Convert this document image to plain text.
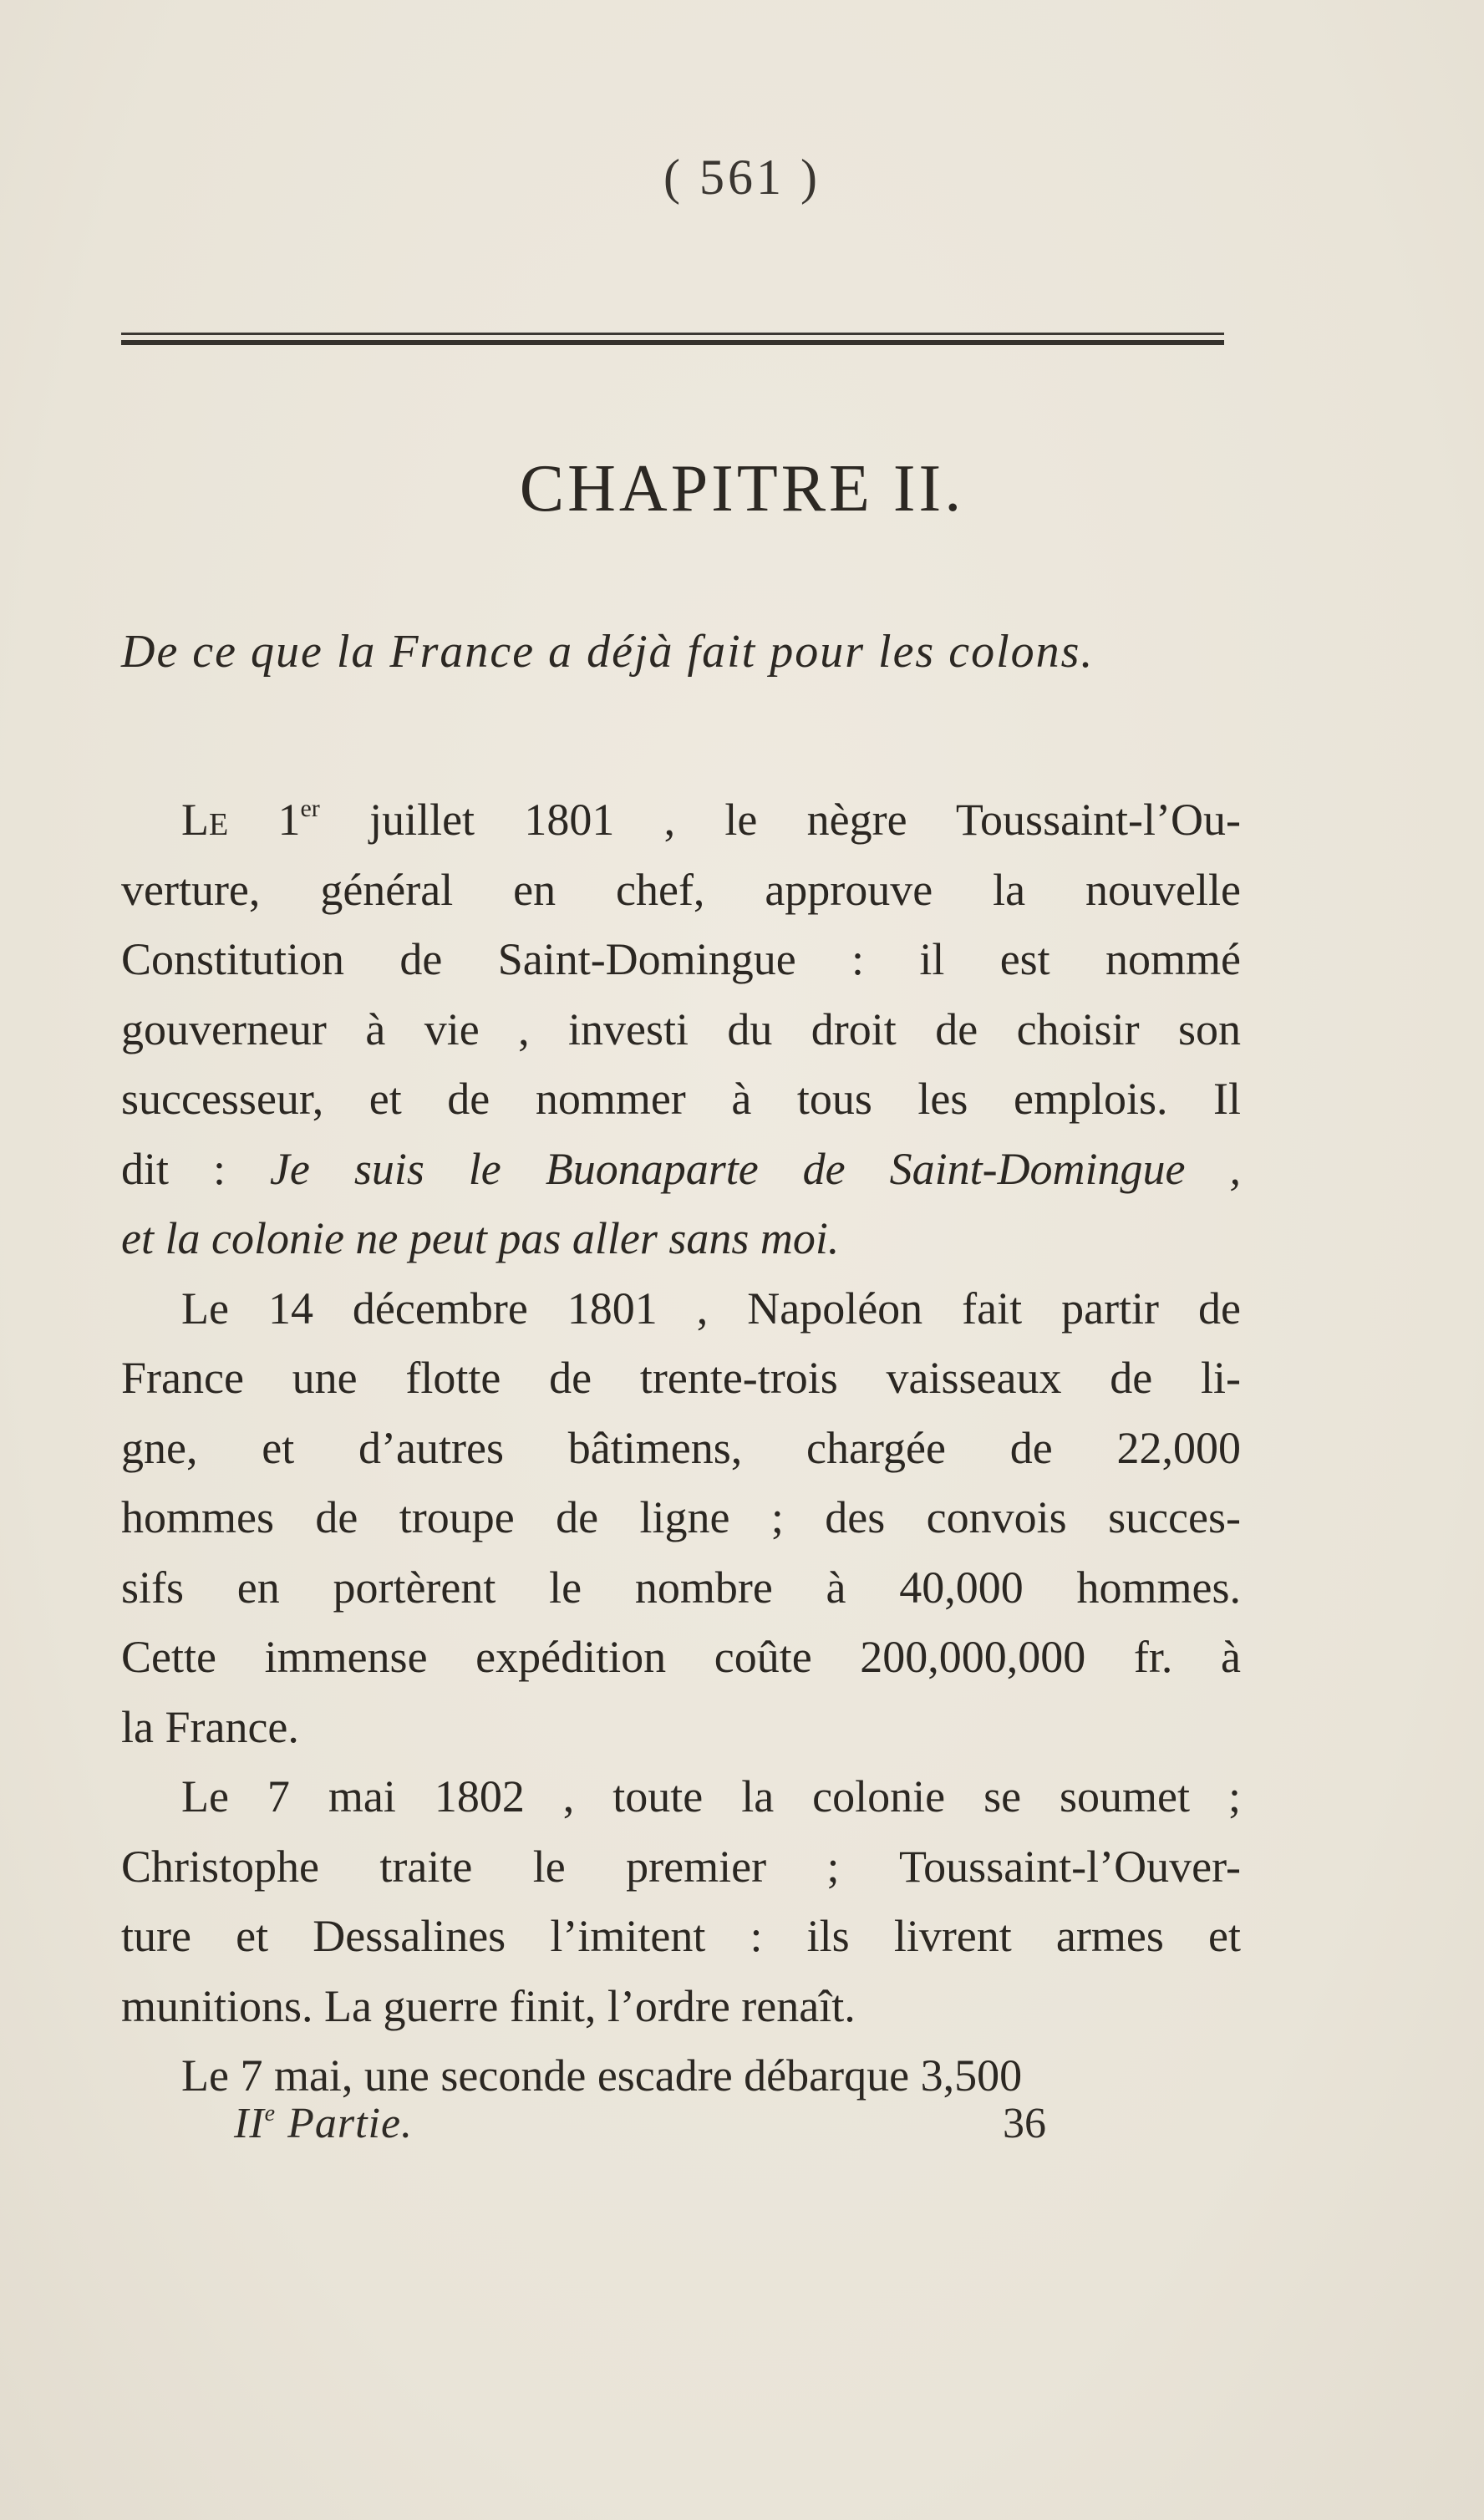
( 561 )
CHAPITRE II.
De ce que la France a déjà fait pour les colons.
Le 1er juillet 1801 , le nègre Toussaint-l’Ou-
verture, général en chef, approuve la nouvelle
Constitution de Saint-Domingue : il est nommé
gouverneur à vie , investi du droit de choisir son
successeur, et de nommer à tous les emplois. Il
dit : Je suis le Buonaparte de Saint-Domingue ,
et la colonie ne peut pas aller sans moi.
Le 14 décembre 1801 , Napoléon fait partir de
France une flotte de trente-trois vaisseaux de li-
gne, et d’autres bâtimens, chargée de 22,000
hommes de troupe de ligne ; des convois succes-
sifs en portèrent le nombre à 40,000 hommes.
Cette immense expédition coûte 200,000,000 fr. à
la France.
Le 7 mai 1802 , toute la colonie se soumet ;
Christophe traite le premier ; Toussaint-l’Ouver-
ture et Dessalines l’imitent : ils livrent armes et
munitions. La guerre finit, l’ordre renaît.
Le 7 mai, une seconde escadre débarque 3,500
IIe Partie.	36
